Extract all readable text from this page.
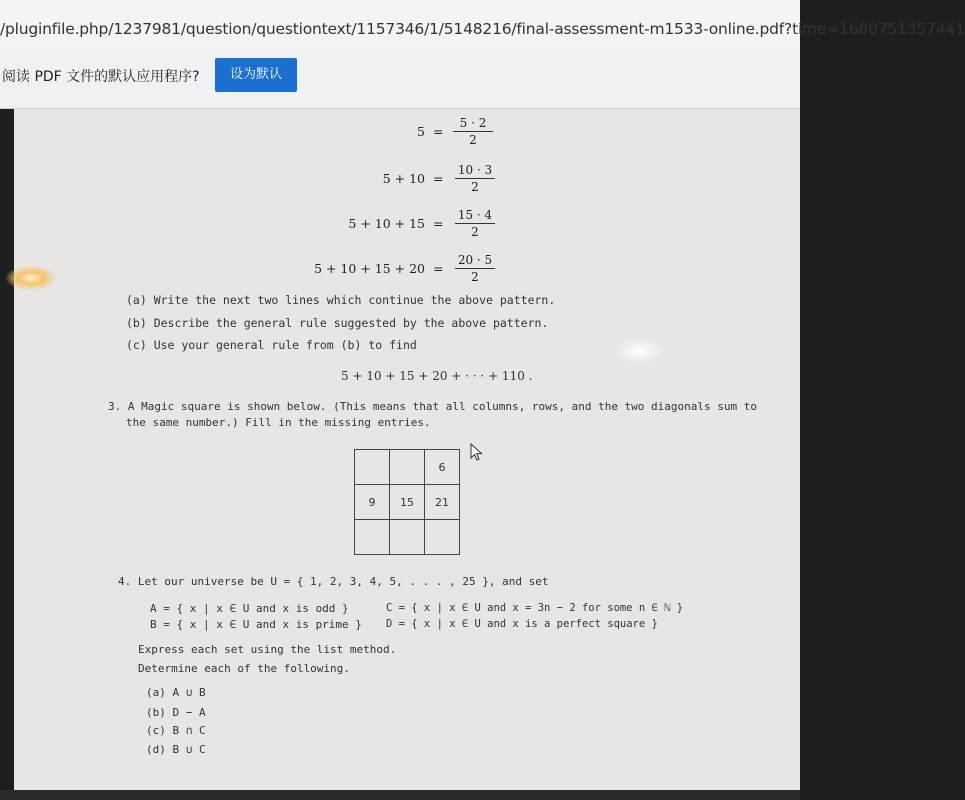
/pluginfile.php/1237981/question/questiontext/1157346/1/5148216/final-assessment-m1533-online.pdf?time=1680751357441
阅读 PDF 文件的默认应用程序?	设为默认
$5 = \frac{5 \cdot 2}{2}$
$5 + 10 = \frac{10 \cdot 3}{2}$
$5 + 10 + 15 = \frac{15 \cdot 4}{2}$
$5 + 10 + 15 + 20 = \frac{20 \cdot 5}{2}$
(a) Write the next two lines which continue the above pattern.
(b) Describe the general rule suggested by the above pattern.
(c) Use your general rule from (b) to find
5 + 10 + 15 + 20 + · · · + 110 .
3. A Magic square is shown below. (This means that all columns, rows, and the two diagonals sum to
the same number.) Fill in the missing entries.
		6
9	15	21

4. Let our universe be U = { 1, 2, 3, 4, 5, . . . , 25 }, and set
A = { x | x ∈ U and x is odd }
B = { x | x ∈ U and x is prime }
C = { x | x ∈ U and x = 3n − 2 for some n ∈ ℕ }
D = { x | x ∈ U and x is a perfect square }
Express each set using the list method.
Determine each of the following.
(a) A ∪ B
(b) D − A
(c) B ∩ C
(d) B ∪ C
